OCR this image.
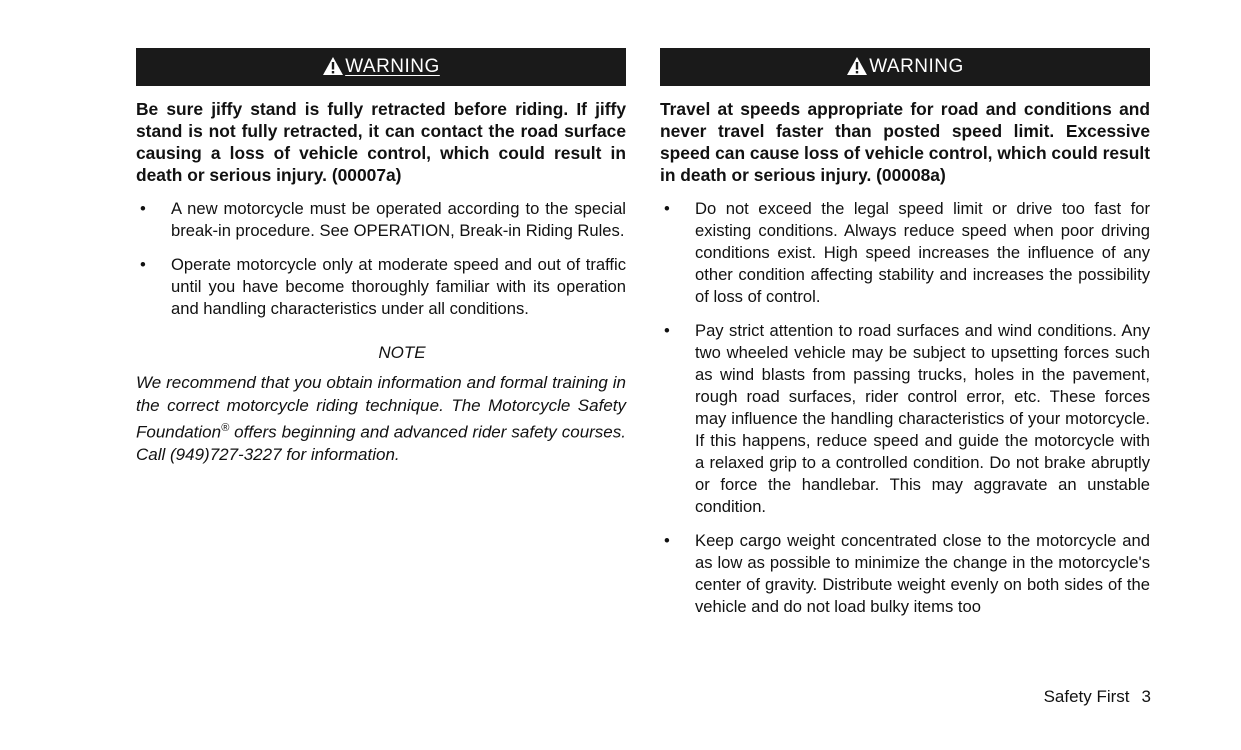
WARNING

Be sure jiffy stand is fully retracted before riding. If jiffy stand is not fully retracted, it can contact the road surface causing a loss of vehicle control, which could result in death or serious injury. (00007a)

• A new motorcycle must be operated according to the special break-in procedure. See OPERATION, Break-in Riding Rules.
• Operate motorcycle only at moderate speed and out of traffic until you have become thoroughly familiar with its operation and handling characteristics under all conditions.
NOTE

We recommend that you obtain information and formal training in the correct motorcycle riding technique. The Motorcycle Safety Foundation® offers beginning and advanced rider safety courses. Call (949)727-3227 for information.

WARNING

Travel at speeds appropriate for road and conditions and never travel faster than posted speed limit. Excessive speed can cause loss of vehicle control, which could result in death or serious injury. (00008a)

• Do not exceed the legal speed limit or drive too fast for existing conditions. Always reduce speed when poor driving conditions exist. High speed increases the influence of any other condition affecting stability and increases the possibility of loss of control.
• Pay strict attention to road surfaces and wind conditions. Any two wheeled vehicle may be subject to upsetting forces such as wind blasts from passing trucks, holes in the pavement, rough road surfaces, rider control error, etc. These forces may influence the handling characteristics of your motorcycle. If this happens, reduce speed and guide the motorcycle with a relaxed grip to a controlled condition. Do not brake abruptly or force the handlebar. This may aggravate an unstable condition.
• Keep cargo weight concentrated close to the motorcycle and as low as possible to minimize the change in the motorcycle's center of gravity. Distribute weight evenly on both sides of the vehicle and do not load bulky items too
Safety First 3
